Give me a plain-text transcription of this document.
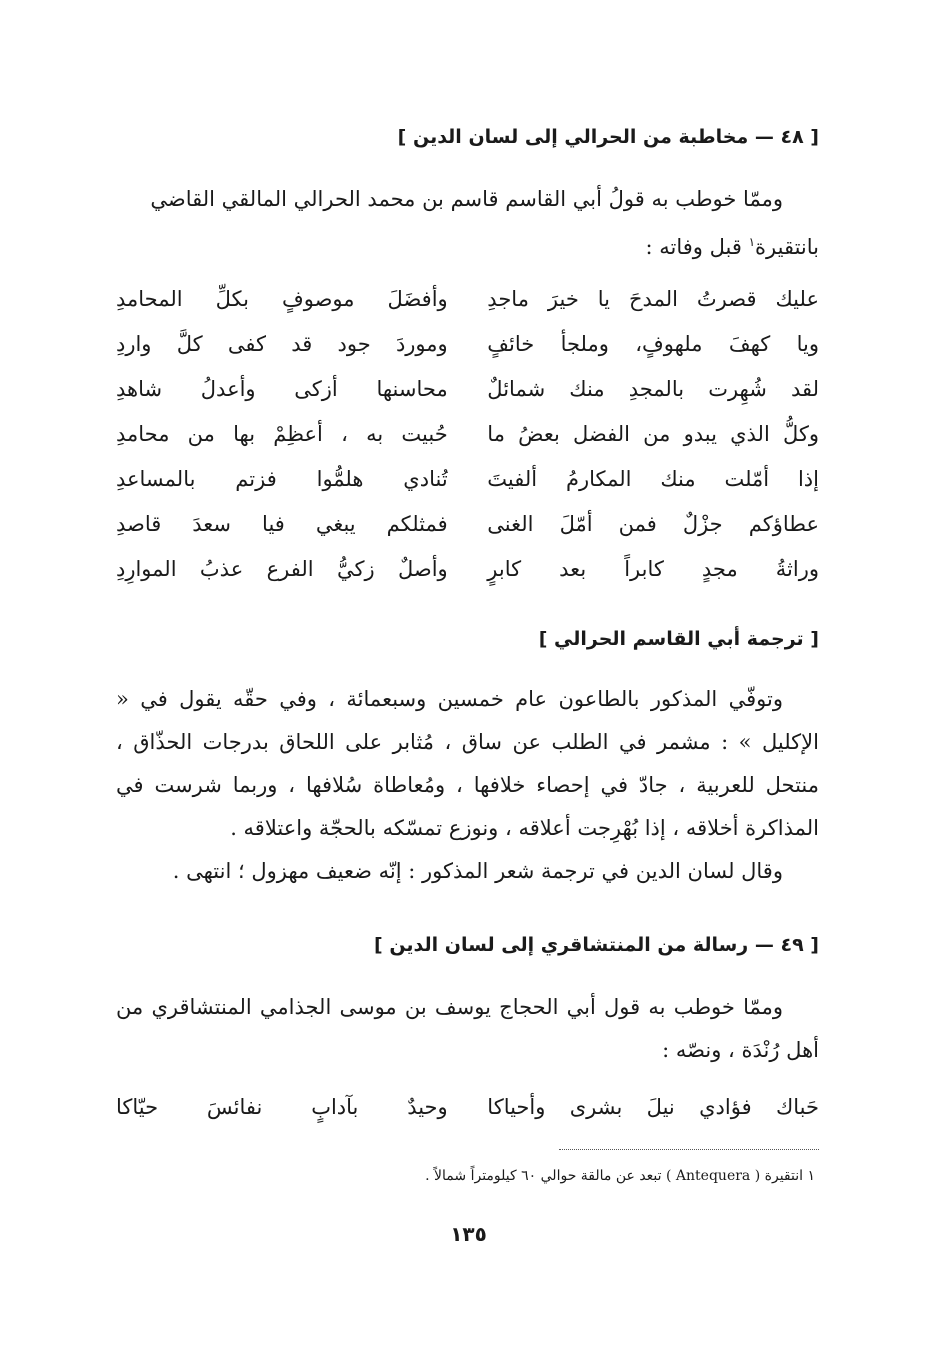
[ ٤٨ — مخاطبة من الحرالي إلى لسان الدين ]

وممّا خوطب به قولُ أبي القاسم قاسم بن محمد الحرالي المالقي القاضي

بانتقيرة$^١$ قبل وفاته :

عليك قصرتُ المدحَ يا خيرَ ماجدِ
وأفضَلَ موصوفٍ بكلِّ المحامدِ
ويا كهفَ ملهوفٍ، وملجأ خائفٍ
وموردَ جود قد كفى كلَّ واردِ
لقد شُهِرت بالمجدِ منك شمائلٌ
محاسنها أزكى وأعدلُ شاهدِ
وكلُّ الذي يبدو من الفضل بعضُ ما
حُبيت به ، أعظِمْ بها من محامدِ
إذا أمّلت منك المكارمُ ألفيتَ
تُنادي هلمُّوا فزتم بالمساعدِ
عطاؤكم جزْلٌ فمن أمّلَ الغنى
فمثلكم يبغي فيا سعدَ قاصدِ
وراثةُ مجدٍ كابراً بعد كابرٍ
وأصلٌ زكيُّ الفرع عذبُ الموارِدِ
[ ترجمة أبي القاسم الحرالي ]

وتوفّي المذكور بالطاعون عام خمسين وسبعمائة ، وفي حقّه يقول في « الإكليل » : مشمر في الطلب عن ساق ، مُثابر على اللحاق بدرجات الحذّاق ، منتحل للعربية ، جادّ في إحصاء خلافها ، ومُعاطاة سُلافها ، وربما شرست في المذاكرة أخلاقه ، إذا بُهْرِجت أعلاقه ، ونوزع تمسّكه بالحجّة واعتلاقه .

وقال لسان الدين في ترجمة شعر المذكور : إنّه ضعيف مهزول ؛ انتهى .

[ ٤٩ — رسالة من المنتشاقري إلى لسان الدين ]

وممّا خوطب به قول أبي الحجاج يوسف بن موسى الجذامي المنتشاقري من أهل رُنْدَة ، ونصّه :

حَباك فؤادي نيلَ بشرى وأحياكا
وحيدٌ بآدابٍ نفائسَ حيّاكا
١ انتقيرة ( Antequera ) تبعد عن مالقة حوالي ٦٠ كيلومتراً شمالاً .
١٣٥
